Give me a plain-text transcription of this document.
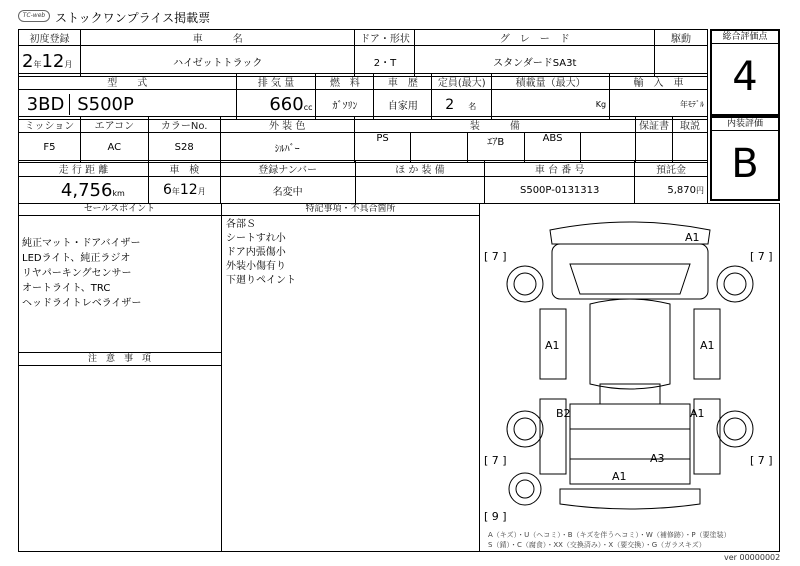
TC-web ストックワンプライス掲載票
初度登録	車　　　名	ドア・形状	グ　レ　ー　ド	駆動
2年12月	ハイゼットトラック	2・T	スタンダードSA3t	
型　　式	排 気 量	燃　料	車　歴	定員(最大)	積載量（最大）	輸　入　車
3BD S500P	660cc	ｶﾞｿﾘﾝ	自家用	2 名	Kg	年ﾓﾃﾞﾙ
ミッション	エアコン	カラーNo.	外 装 色	装　　　備					保証書	取説
F5	AC	S28	ｼﾙﾊﾞｰ	PS		ｴｱB	ABS			
走 行 距 離	車　検	登録ナンバー	ほ か 装 備	車 台 番 号	預託金
4,756km	6年12月	名変中		S500P-0131313	5,870円
総合評価点
4
内装評価
B
セールスポイント
純正マット・ドアバイザー
LEDライト、純正ラジオ
リヤパーキングセンサー
オートライト、TRC
ヘッドライトレベライザー
注　意　事　項
特記事項・不具合箇所
各部Ｓ
シートすれ小
ドア内張傷小
外装小傷有り
下廻りペイント
A1
A1	A1
B2	A1
A3
A1
[ 7 ]	[ 7 ]
[ 7 ]	[ 7 ]
[ 9 ]
A（キズ）・U（ヘコミ）・B（キズを伴うヘコミ）・W（補修跡）・P（要塗装）
S（錆）・C（腐食）・XX（交換済み）・X（要交換）・G（ガラスキズ）
ver 00000002
